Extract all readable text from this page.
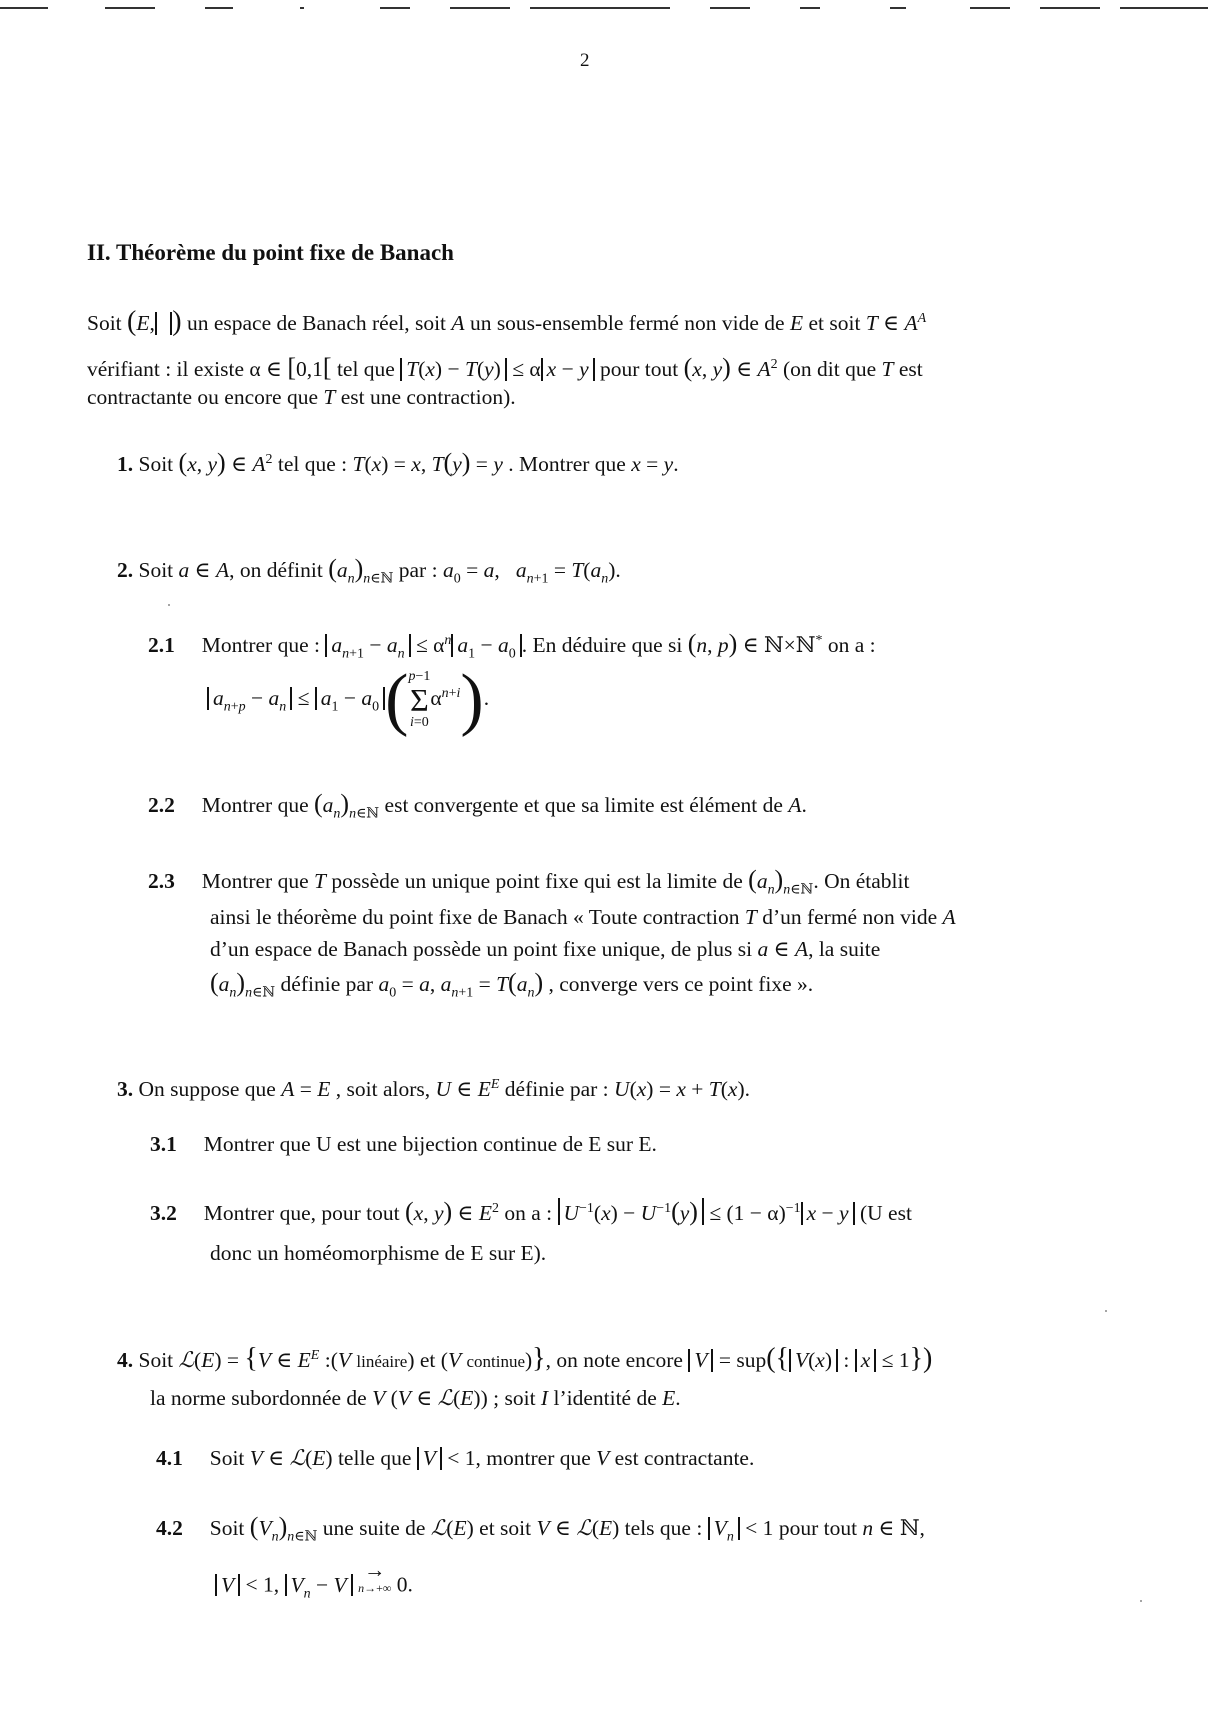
2
II. Théorème du point fixe de Banach
Soit (E, ) un espace de Banach réel, soit A un sous-ensemble fermé non vide de E et soit T ∈ $A^A$
vérifiant : il existe α ∈ [0,1[ tel que T(x) − T(y) ≤ α x − y pour tout (x, y) ∈ $A^2$ (on dit que T est
contractante ou encore que T est une contraction).
1. Soit (x, y) ∈ $A^2$ tel que : T(x) = x, T(y) = y . Montrer que x = y.
2. Soit a ∈ A, on définit $(a_n)_{n\in ℕ}$ par : $a_0 = a$,   $a_{n+1} = T(a_n)$.
2.1 Montrer que : $a_{n+1} - a_n \le \alpha^n$ $a_1 - a_0$ . En déduire que si (n, p) ∈ ℕ×ℕ* on a :
$a_{n+p} - a_n \le a_1 - a_0$( p−1
Σ
i=0
$\alpha^{n+i}$).
2.2 Montrer que $(a_n)_{n\in ℕ}$ est convergente et que sa limite est élément de A.
2.3 Montrer que T possède un unique point fixe qui est la limite de $(a_n)_{n\in ℕ}$. On établit
ainsi le théorème du point fixe de Banach « Toute contraction T d’un fermé non vide A
d’un espace de Banach possède un point fixe unique, de plus si a ∈ A, la suite
$(a_n)_{n\in ℕ}$ définie par $a_0 = a$, $a_{n+1} = T(a_n)$ , converge vers ce point fixe ».
3. On suppose que A = E , soit alors, U ∈ $E^E$ définie par : U(x) = x + T(x).
3.1 Montrer que U est une bijection continue de E sur E.
3.2 Montrer que, pour tout (x, y) ∈ $E^2$ on a : $U^{-1}(x) - U^{-1}(y) \le (1 - \alpha)^{-1}$ x − y (U est
donc un homéomorphisme de E sur E).
4. Soit ℒ(E) = {V ∈ $E^E$ :(V linéaire) et (V continue)}, on note encore V = sup({ V(x) : x ≤ 1})
la norme subordonnée de V (V ∈ ℒ(E)) ; soit I l’identité de E.
4.1 Soit V ∈ ℒ(E) telle que V < 1, montrer que V est contractante.
4.2 Soit $(V_n)_{n\in ℕ}$ une suite de ℒ(E) et soit V ∈ ℒ(E) tels que : $V_n < 1$ pour tout n ∈ ℕ,
V < 1, $V_n - V$ →
n→+∞ 0.
